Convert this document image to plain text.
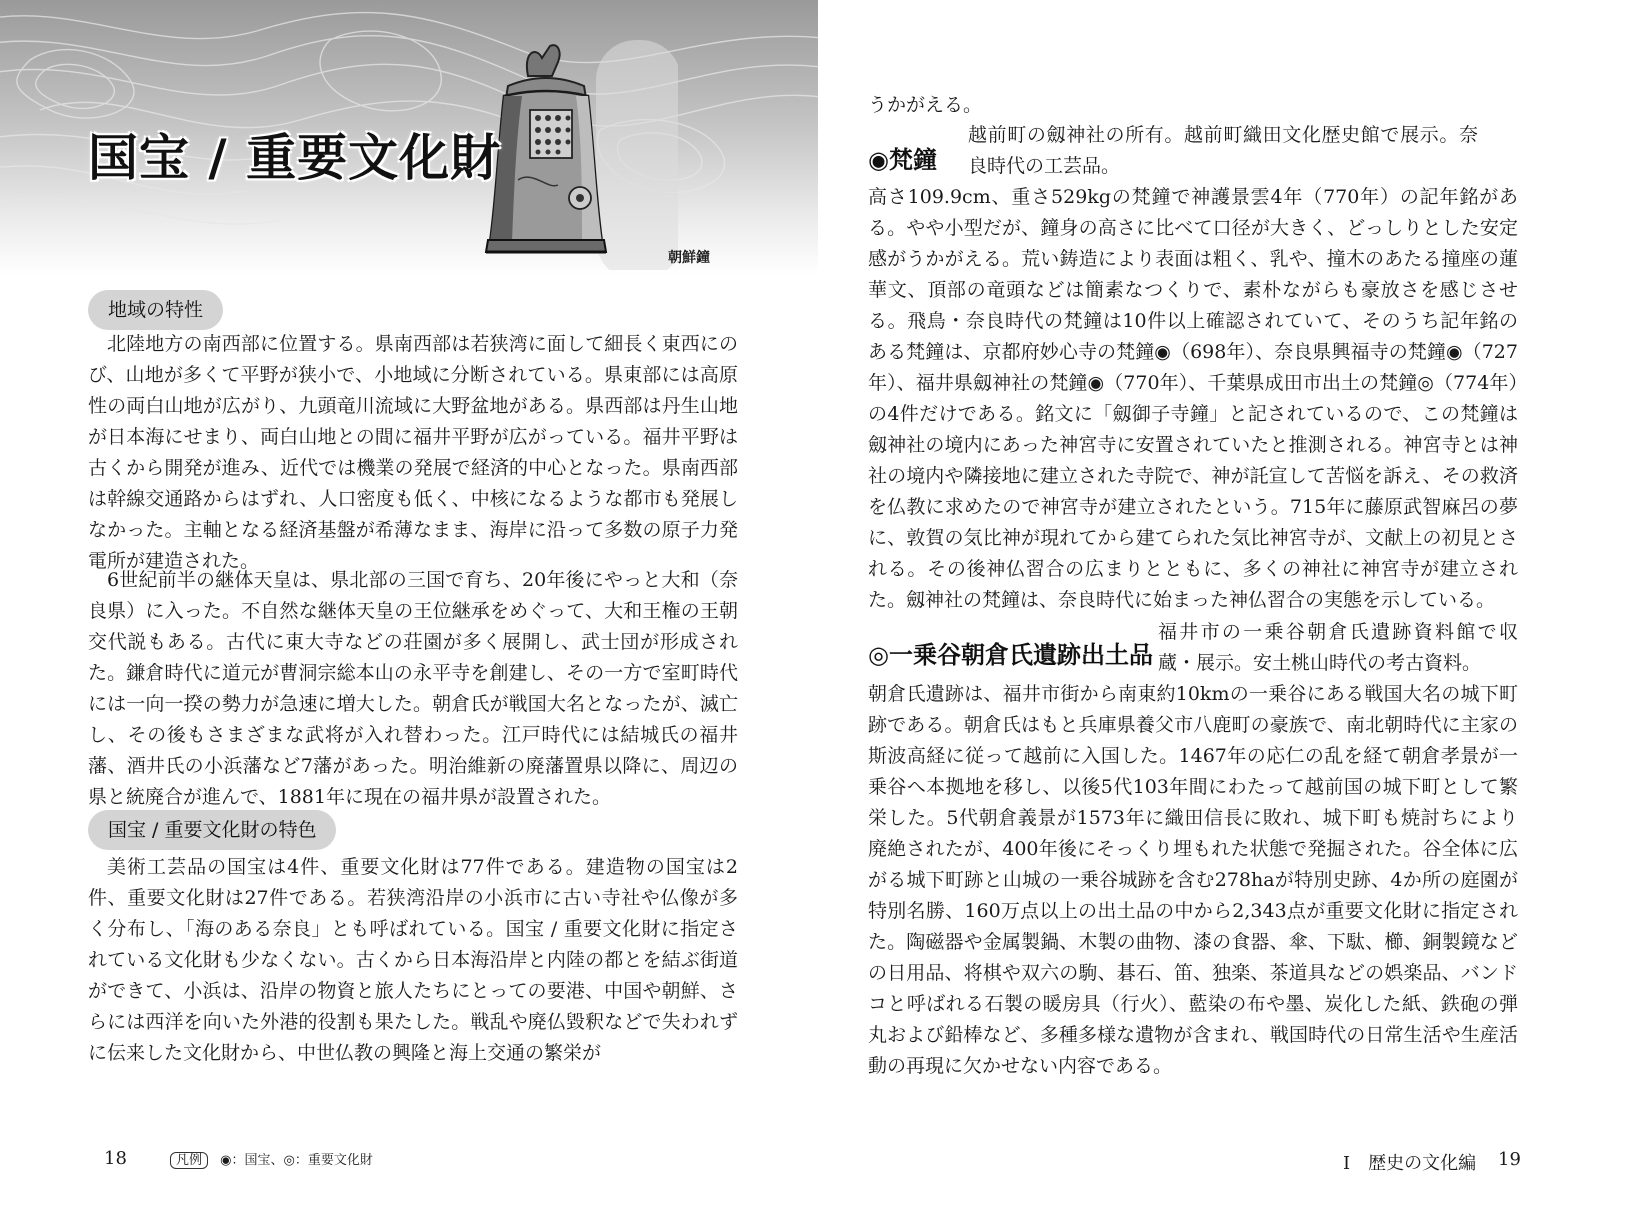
国宝 / 重要文化財
朝鮮鐘
地域の特性

北陸地方の南西部に位置する。県南西部は若狭湾に面して細長く東西にのび、山地が多くて平野が狭小で、小地域に分断されている。県東部には高原性の両白山地が広がり、九頭竜川流域に大野盆地がある。県西部は丹生山地が日本海にせまり、両白山地との間に福井平野が広がっている。福井平野は古くから開発が進み、近代では機業の発展で経済的中心となった。県南西部は幹線交通路からはずれ、人口密度も低く、中核になるような都市も発展しなかった。主軸となる経済基盤が希薄なまま、海岸に沿って多数の原子力発電所が建造された。

6世紀前半の継体天皇は、県北部の三国で育ち、20年後にやっと大和（奈良県）に入った。不自然な継体天皇の王位継承をめぐって、大和王権の王朝交代説もある。古代に東大寺などの荘園が多く展開し、武士団が形成された。鎌倉時代に道元が曹洞宗総本山の永平寺を創建し、その一方で室町時代には一向一揆の勢力が急速に増大した。朝倉氏が戦国大名となったが、滅亡し、その後もさまざまな武将が入れ替わった。江戸時代には結城氏の福井藩、酒井氏の小浜藩など7藩があった。明治維新の廃藩置県以降に、周辺の県と統廃合が進んで、1881年に現在の福井県が設置された。

国宝 / 重要文化財の特色

美術工芸品の国宝は4件、重要文化財は77件である。建造物の国宝は2件、重要文化財は27件である。若狭湾沿岸の小浜市に古い寺社や仏像が多く分布し、「海のある奈良」とも呼ばれている。国宝 / 重要文化財に指定されている文化財も少なくない。古くから日本海沿岸と内陸の都とを結ぶ街道ができて、小浜は、沿岸の物資と旅人たちにとっての要港、中国や朝鮮、さらには西洋を向いた外港的役割も果たした。戦乱や廃仏毀釈などで失われずに伝来した文化財から、中世仏教の興隆と海上交通の繁栄が

18	凡例 ◉：国宝、◎：重要文化財

うかがえる。

◉梵鐘

越前町の劔神社の所有。越前町織田文化歴史館で展示。奈良時代の工芸品。

高さ109.9cm、重さ529kgの梵鐘で神護景雲4年（770年）の記年銘がある。やや小型だが、鐘身の高さに比べて口径が大きく、どっしりとした安定感がうかがえる。荒い鋳造により表面は粗く、乳や、撞木のあたる撞座の蓮華文、頂部の竜頭などは簡素なつくりで、素朴ながらも豪放さを感じさせる。飛鳥・奈良時代の梵鐘は10件以上確認されていて、そのうち記年銘のある梵鐘は、京都府妙心寺の梵鐘◉（698年）、奈良県興福寺の梵鐘◉（727年）、福井県劔神社の梵鐘◉（770年）、千葉県成田市出土の梵鐘◎（774年）の4件だけである。銘文に「劔御子寺鐘」と記されているので、この梵鐘は劔神社の境内にあった神宮寺に安置されていたと推測される。神宮寺とは神社の境内や隣接地に建立された寺院で、神が託宣して苦悩を訴え、その救済を仏教に求めたので神宮寺が建立されたという。715年に藤原武智麻呂の夢に、敦賀の気比神が現れてから建てられた気比神宮寺が、文献上の初見とされる。その後神仏習合の広まりとともに、多くの神社に神宮寺が建立された。劔神社の梵鐘は、奈良時代に始まった神仏習合の実態を示している。

◎一乗谷朝倉氏遺跡出土品

福井市の一乗谷朝倉氏遺跡資料館で収蔵・展示。安土桃山時代の考古資料。

朝倉氏遺跡は、福井市街から南東約10kmの一乗谷にある戦国大名の城下町跡である。朝倉氏はもと兵庫県養父市八鹿町の豪族で、南北朝時代に主家の斯波高経に従って越前に入国した。1467年の応仁の乱を経て朝倉孝景が一乗谷へ本拠地を移し、以後5代103年間にわたって越前国の城下町として繁栄した。5代朝倉義景が1573年に織田信長に敗れ、城下町も焼討ちにより廃絶されたが、400年後にそっくり埋もれた状態で発掘された。谷全体に広がる城下町跡と山城の一乗谷城跡を含む278haが特別史跡、4か所の庭園が特別名勝、160万点以上の出土品の中から2,343点が重要文化財に指定された。陶磁器や金属製鍋、木製の曲物、漆の食器、傘、下駄、櫛、銅製鏡などの日用品、将棋や双六の駒、碁石、笛、独楽、茶道具などの娯楽品、バンドコと呼ばれる石製の暖房具（行火）、藍染の布や墨、炭化した紙、鉄砲の弾丸および鉛棒など、多種多様な遺物が含まれ、戦国時代の日常生活や生産活動の再現に欠かせない内容である。

Ⅰ　歴史の文化編 19
